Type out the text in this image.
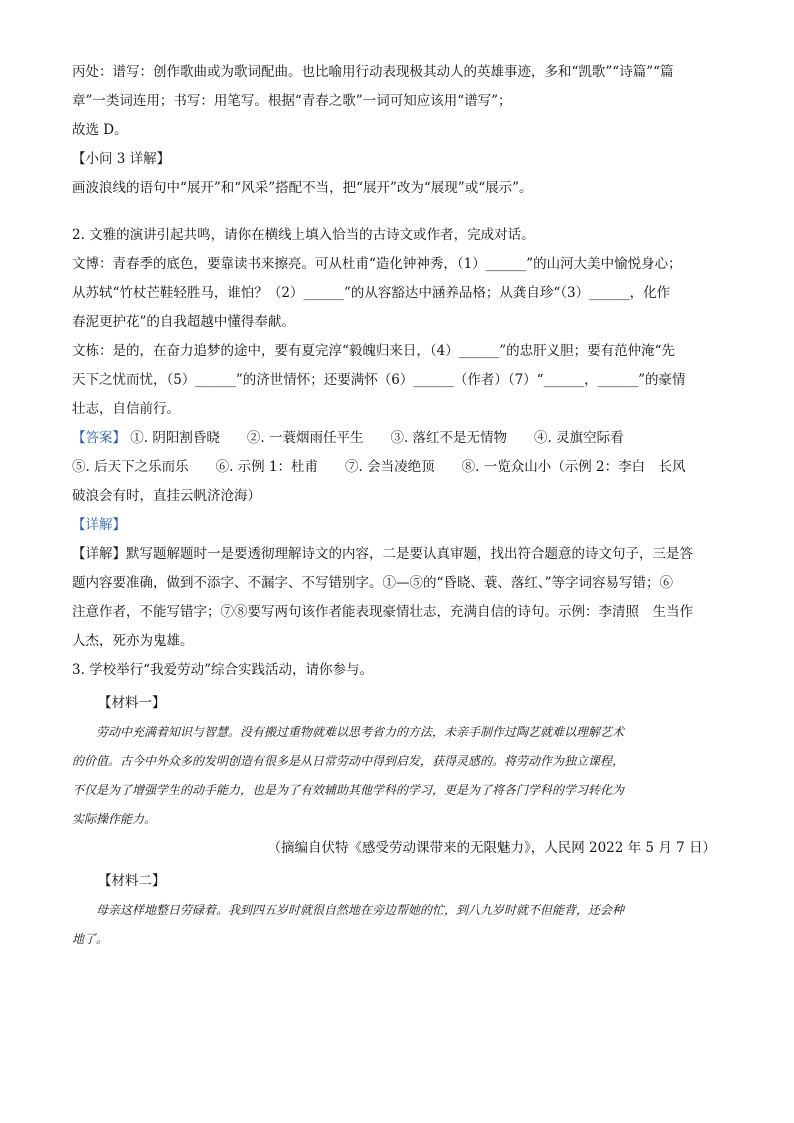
丙处：谱写：创作歌曲或为歌词配曲。也比喻用行动表现极其动人的英雄事迹，多和“凯歌”“诗篇”“篇
章”一类词连用；书写：用笔写。根据“青春之歌”一词可知应该用“谱写”；
故选 D。
【小问 3 详解】
画波浪线的语句中“展开”和“风采”搭配不当，把“展开”改为“展现”或“展示”。
2. 文雅的演讲引起共鸣，请你在横线上填入恰当的古诗文或作者，完成对话。
文博：青春季的底色，要靠读书来擦亮。可从杜甫“造化钟神秀，（1）______”的山河大美中愉悦身心；
从苏轼“竹杖芒鞋轻胜马，谁怕？（2）______”的从容豁达中涵养品格；从龚自珍“（3）______，化作
春泥更护花”的自我超越中懂得奉献。
文栋：是的，在奋力追梦的途中，要有夏完淳“毅魄归来日，（4）______”的忠肝义胆；要有范仲淹“先
天下之忧而忧，（5）______”的济世情怀；还要满怀（6）______（作者）（7）“______，______”的豪情
壮志，自信前行。
【答案】 ①. 阴阳割昏晓　　②. 一蓑烟雨任平生　　③. 落红不是无情物　　④. 灵旗空际看
⑤. 后天下之乐而乐　　⑥. 示例 1：杜甫　　⑦. 会当凌绝顶　　⑧. 一览众山小（示例 2：李白　长风
破浪会有时，直挂云帆济沧海）
【详解】
【详解】默写题解题时一是要透彻理解诗文的内容，二是要认真审题，找出符合题意的诗文句子，三是答
题内容要准确，做到不添字、不漏字、不写错别字。①—⑤的“昏晓、蓑、落红、”等字词容易写错；⑥
注意作者，不能写错字；⑦⑧要写两句该作者能表现豪情壮志，充满自信的诗句。示例：李清照　生当作
人杰，死亦为鬼雄。
3. 学校举行“我爱劳动”综合实践活动，请你参与。
【材料一】
劳动中充满着知识与智慧。没有搬过重物就难以思考省力的方法，未亲手制作过陶艺就难以理解艺术
的价值。古今中外众多的发明创造有很多是从日常劳动中得到启发，获得灵感的。将劳动作为独立课程，
不仅是为了增强学生的动手能力，也是为了有效辅助其他学科的学习，更是为了将各门学科的学习转化为
实际操作能力。
（摘编自伏特《感受劳动课带来的无限魅力》，人民网 2022 年 5 月 7 日）
【材料二】
母亲这样地整日劳碌着。我到四五岁时就很自然地在旁边帮她的忙，到八九岁时就不但能背，还会种
地了。
